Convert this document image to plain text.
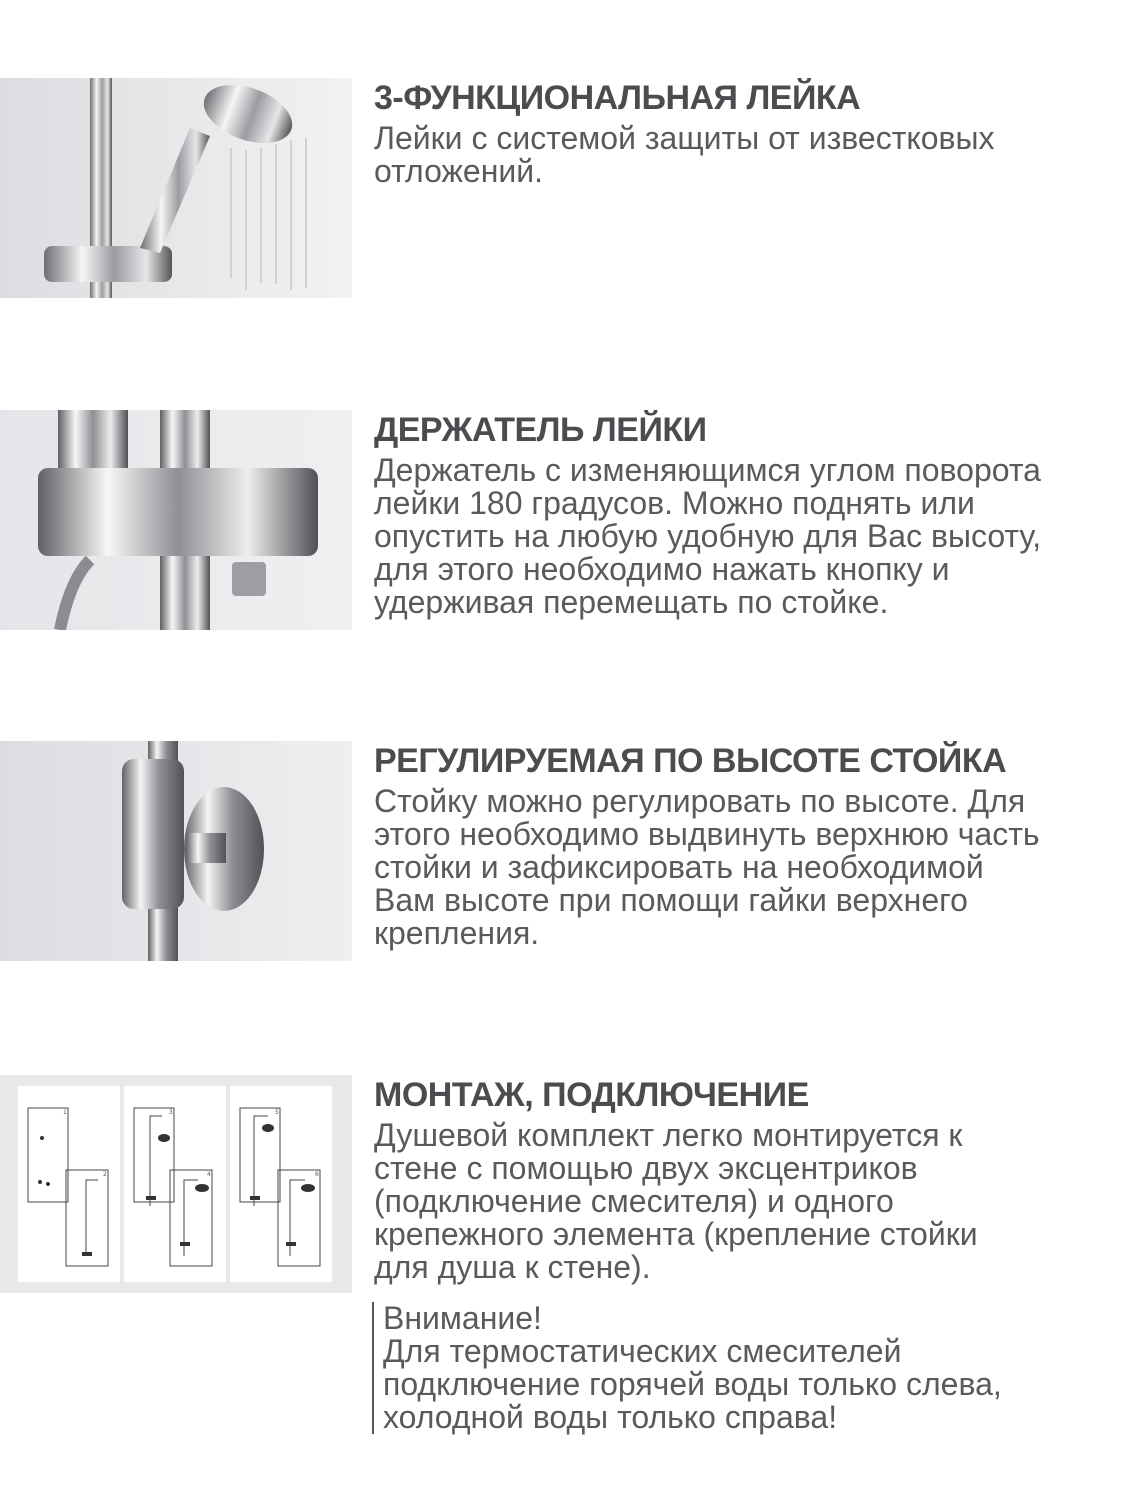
3-ФУНКЦИОНАЛЬНАЯ ЛЕЙКА
Лейки с системой защиты от известковых
отложений.
ДЕРЖАТЕЛЬ ЛЕЙКИ
Держатель с изменяющимся углом поворота
лейки 180 градусов. Можно поднять или
опустить на любую удобную для Вас высоту,
для этого необходимо нажать кнопку и
удерживая перемещать по стойке.
РЕГУЛИРУЕМАЯ ПО ВЫСОТЕ СТОЙКА
Стойку можно регулировать по высоте. Для
этого необходимо выдвинуть верхнюю часть
стойки и зафиксировать на необходимой
Вам высоте при помощи гайки верхнего
крепления.
1
2
3
4
5
6
МОНТАЖ, ПОДКЛЮЧЕНИЕ
Душевой комплект легко монтируется к
стене с помощью двух эксцентриков
(подключение смесителя) и одного
крепежного элемента (крепление стойки
для душа к стене).
Внимание!
Для термостатических смесителей
подключение горячей воды только слева,
холодной воды только справа!
